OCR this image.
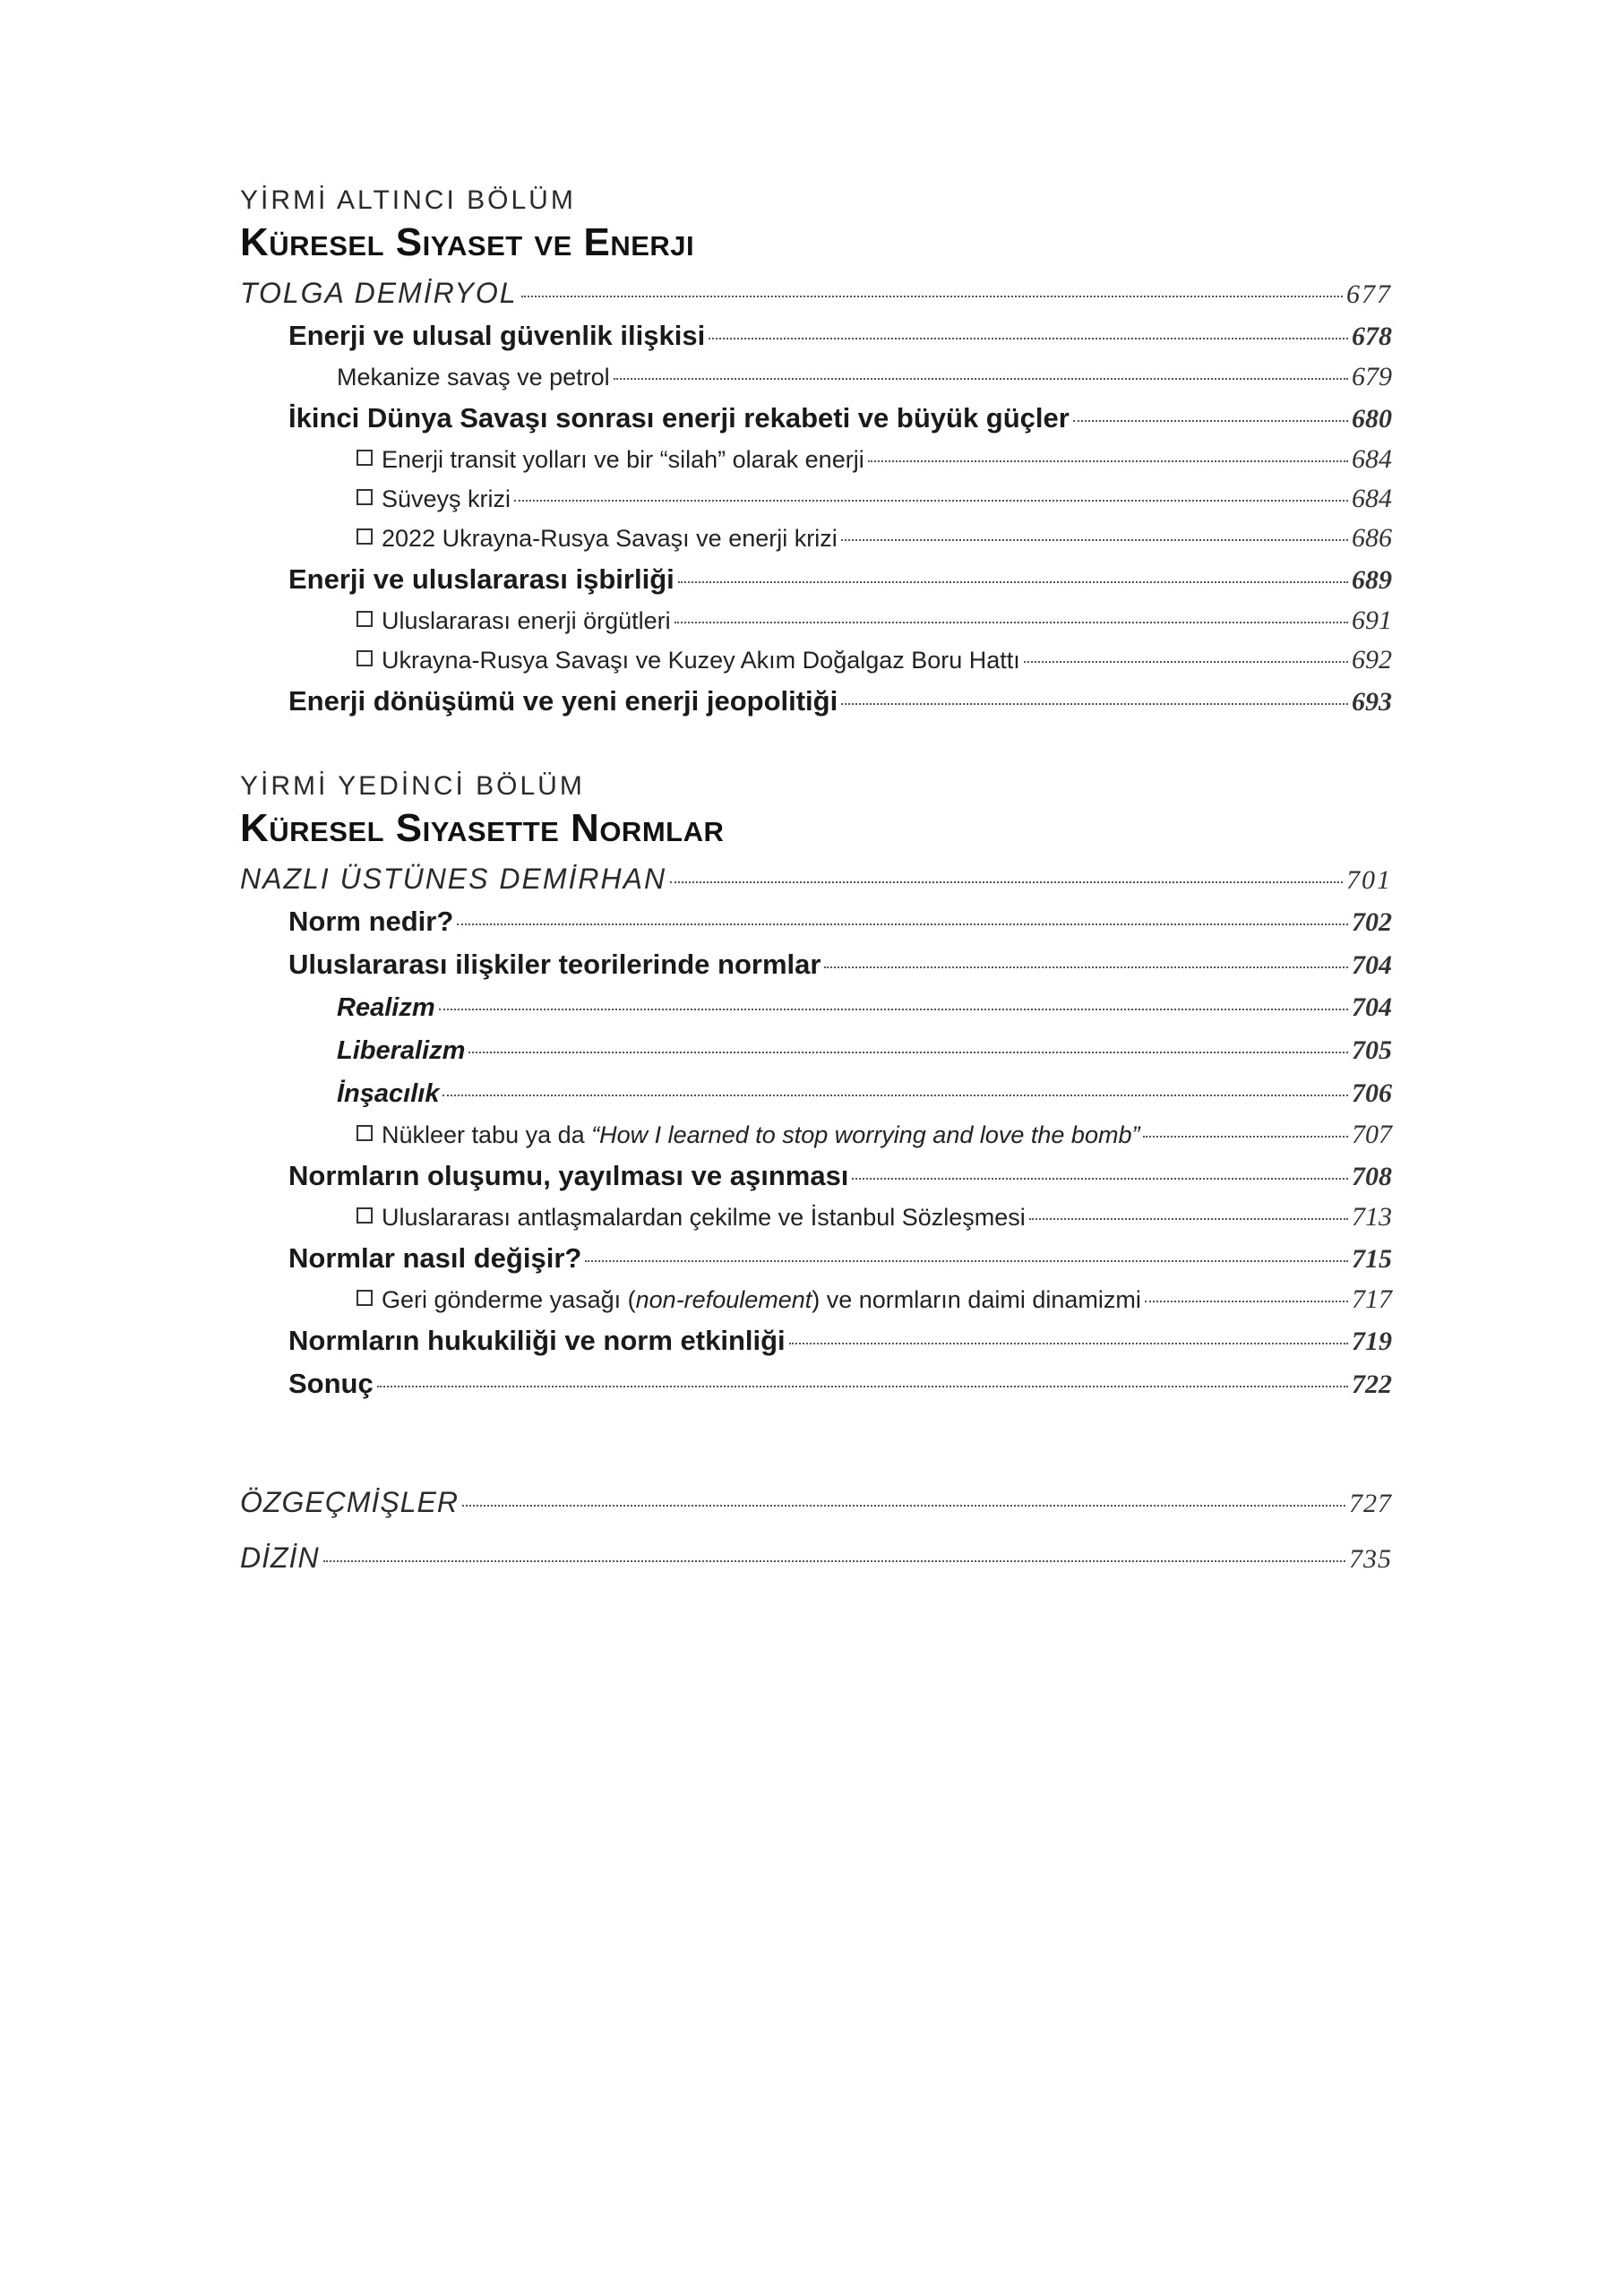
YİRMİ ALTINCI BÖLÜM

Küresel Siyaset ve Enerji

TOLGA DEMİRYOL	677
Enerji ve ulusal güvenlik ilişkisi	678
Mekanize savaş ve petrol	679
İkinci Dünya Savaşı sonrası enerji rekabeti ve büyük güçler	680
Enerji transit yolları ve bir “silah” olarak enerji	684
Süveyş krizi	684
2022 Ukrayna-Rusya Savaşı ve enerji krizi	686
Enerji ve uluslararası işbirliği	689
Uluslararası enerji örgütleri	691
Ukrayna-Rusya Savaşı ve Kuzey Akım Doğalgaz Boru Hattı	692
Enerji dönüşümü ve yeni enerji jeopolitiği	693

YİRMİ YEDİNCİ BÖLÜM

Küresel Siyasette Normlar

NAZLI ÜSTÜNES DEMİRHAN	701
Norm nedir?	702
Uluslararası ilişkiler teorilerinde normlar	704
Realizm	704
Liberalizm	705
İnşacılık	706
Nükleer tabu ya da “How I learned to stop worrying and love the bomb”	707
Normların oluşumu, yayılması ve aşınması	708
Uluslararası antlaşmalardan çekilme ve İstanbul Sözleşmesi	713
Normlar nasıl değişir?	715
Geri gönderme yasağı (non-refoulement) ve normların daimi dinamizmi	717
Normların hukukiliği ve norm etkinliği	719
Sonuç	722
ÖZGEÇMİŞLER	727
DİZİN	735
